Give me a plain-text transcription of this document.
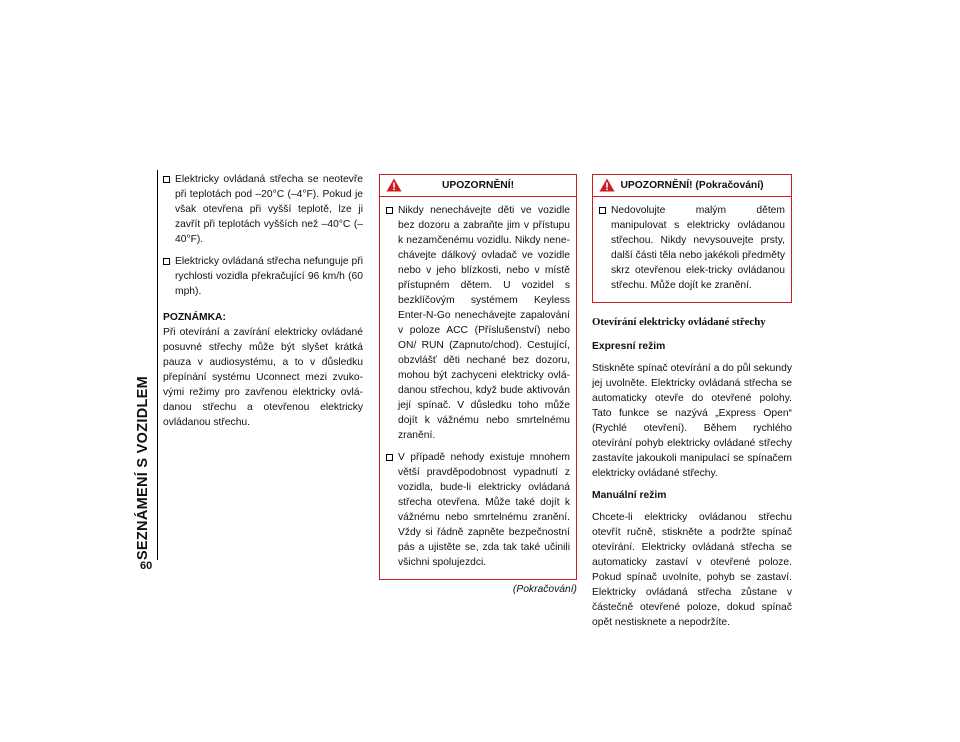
SEZNÁMENÍ S VOZIDLEM
60
Elektricky ovládaná střecha se neotevře při teplotách pod –20°C (–4°F). Pokud je však otevřena při vyšší teplotě, lze ji zavřít při teplotách vyšších než –40°C (–40°F).
Elektricky ovládaná střecha nefunguje při rychlosti vozidla překračující 96 km/h (60 mph).
POZNÁMKA:

Při otevírání a zavírání elektricky ovládané posuvné střechy může být slyšet krátká pauza v audiosystému, a to v důsledku přepínání systému Uconnect mezi zvuko-vými režimy pro zavřenou elektricky ovlá-danou střechu a otevřenou elektricky ovládanou střechu.

UPOZORNĚNÍ!
Nikdy nenechávejte děti ve vozidle bez dozoru a zabraňte jim v přístupu k nezamčenému vozidlu. Nikdy nene-chávejte dálkový ovladač ve vozidle nebo v jeho blízkosti, nebo v místě přístupném dětem. U vozidel s bezklíčovým systémem Keyless Enter-N-Go nenechávejte zapalování v poloze ACC (Příslušenství) nebo ON/ RUN (Zapnuto/chod). Cestující, obzvlášť děti nechané bez dozoru, mohou být zachyceni elektricky ovlá-danou střechou, když bude aktivován její spínač. V důsledku toho může dojít k vážnému nebo smrtelnému zranění.
V případě nehody existuje mnohem větší pravděpodobnost vypadnutí z vozidla, bude-li elektricky ovládaná střecha otevřena. Může také dojít k vážnému nebo smrtelnému zranění. Vždy si řádně zapněte bezpečnostní pás a ujistěte se, zda tak také učinili všichni spolujezdci.
(Pokračování)
UPOZORNĚNÍ! (Pokračování)
Nedovolujte malým dětem manipulovat s elektricky ovládanou střechou. Nikdy nevysouvejte prsty, další části těla nebo jakékoli předměty skrz otevřenou elek-tricky ovládanou střechu. Může dojít ke zranění.
Otevírání elektricky ovládané střechy
Expresní režim

Stiskněte spínač otevírání a do půl sekundy jej uvolněte. Elektricky ovládaná střecha se automaticky otevře do otevřené polohy. Tato funkce se nazývá „Express Open“ (Rychlé otevření). Během rychlého otevírání pohyb elektricky ovládané střechy zastavíte jakoukoli manipulací se spínačem elektricky ovládané střechy.

Manuální režim

Chcete-li elektricky ovládanou střechu otevřít ručně, stiskněte a podržte spínač otevírání. Elektricky ovládaná střecha se automaticky zastaví v otevřené poloze. Pokud spínač uvolníte, pohyb se zastaví. Elektricky ovládaná střecha zůstane v částečně otevřené poloze, dokud spínač opět nestisknete a nepodržíte.
